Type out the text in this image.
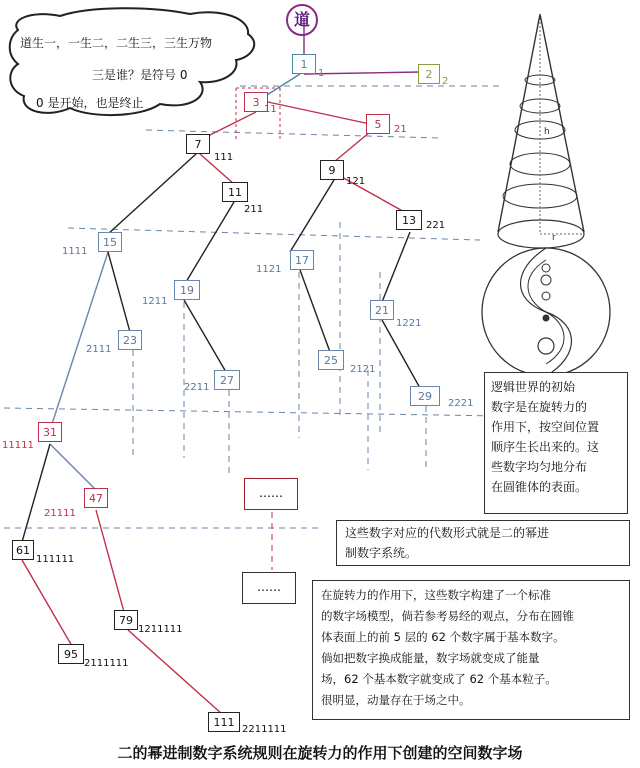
h
r
道
道生一，一生二，二生三，三生万物
三是谁？是符号 0
0 是开始，也是终止
1
1	2
2
3
11
5	21
7
111
9
121
11
211
13	221
15
1111
17
1121
19
1211
21
1221
23
2111
25
2121
27
2211
29
2221
31
11111
47
21111
61
111111
79
1211111
95
2111111
111
2211111
……
……

逻辑世界的初始

数字是在旋转力的

作用下，按空间位置

顺序生长出来的。这

些数字均匀地分布

在圆锥体的表面。

这些数字对应的代数形式就是二的幂进

制数字系统。

在旋转力的作用下，这些数字构建了一个标准

的数字场模型，倘若参考易经的观点，分布在圆锥

体表面上的前 5 层的 62 个数字属于基本数字。

倘如把数字换成能量，数字场就变成了能量

场，62 个基本数字就变成了 62 个基本粒子。

很明显，动量存在于场之中。

二的幂进制数字系统规则在旋转力的作用下创建的空间数字场
